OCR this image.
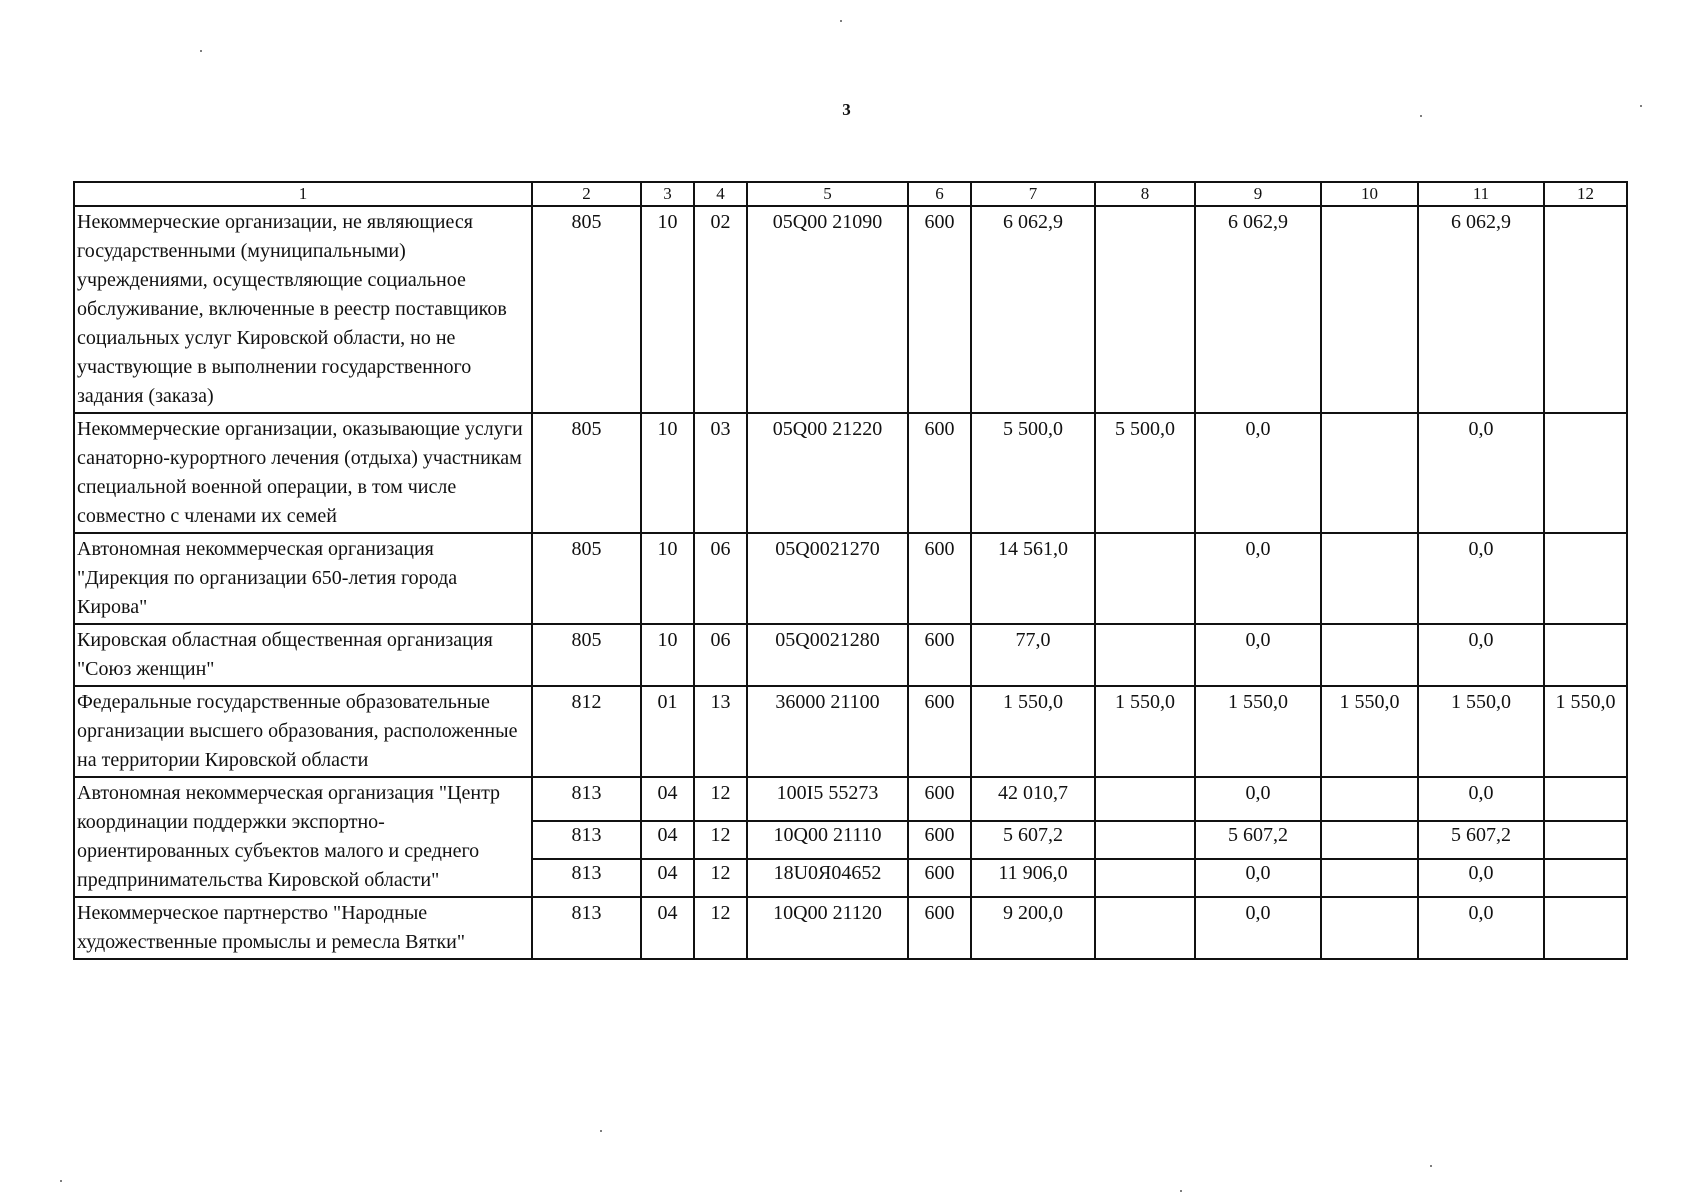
3
1	2	3	4	5	6	7	8	9	10	11	12
Некоммерческие организации, не являющиеся государственными (муниципальными) учреждениями, осуществляющие социальное обслуживание, включенные в реестр поставщиков социальных услуг Кировской области, но не участвующие в выполнении государственного задания (заказа)	805	10	02	05Q00 21090	600	6 062,9		6 062,9		6 062,9	
Некоммерческие организации, оказывающие услуги санаторно-курортного лечения (отдыха) участникам специальной военной операции, в том числе совместно с членами их семей	805	10	03	05Q00 21220	600	5 500,0	5 500,0	0,0		0,0	
Автономная некоммерческая организация "Дирекция по организации 650-летия города Кирова"	805	10	06	05Q0021270	600	14 561,0		0,0		0,0	
Кировская областная общественная организация "Союз женщин"	805	10	06	05Q0021280	600	77,0		0,0		0,0	
Федеральные государственные образовательные организации высшего образования, расположенные на территории Кировской области	812	01	13	36000 21100	600	1 550,0	1 550,0	1 550,0	1 550,0	1 550,0	1 550,0
Автономная некоммерческая организация "Центр координации поддержки экспортно-ориентированных субъектов малого и среднего предпринимательства Кировской области"	813	04	12	100I5 55273	600	42 010,7		0,0		0,0	
	813	04	12	10Q00 21110	600	5 607,2		5 607,2		5 607,2	
	813	04	12	18U0Я04652	600	11 906,0		0,0		0,0	
Некоммерческое партнерство "Народные художественные промыслы и ремесла Вятки"	813	04	12	10Q00 21120	600	9 200,0		0,0		0,0	
